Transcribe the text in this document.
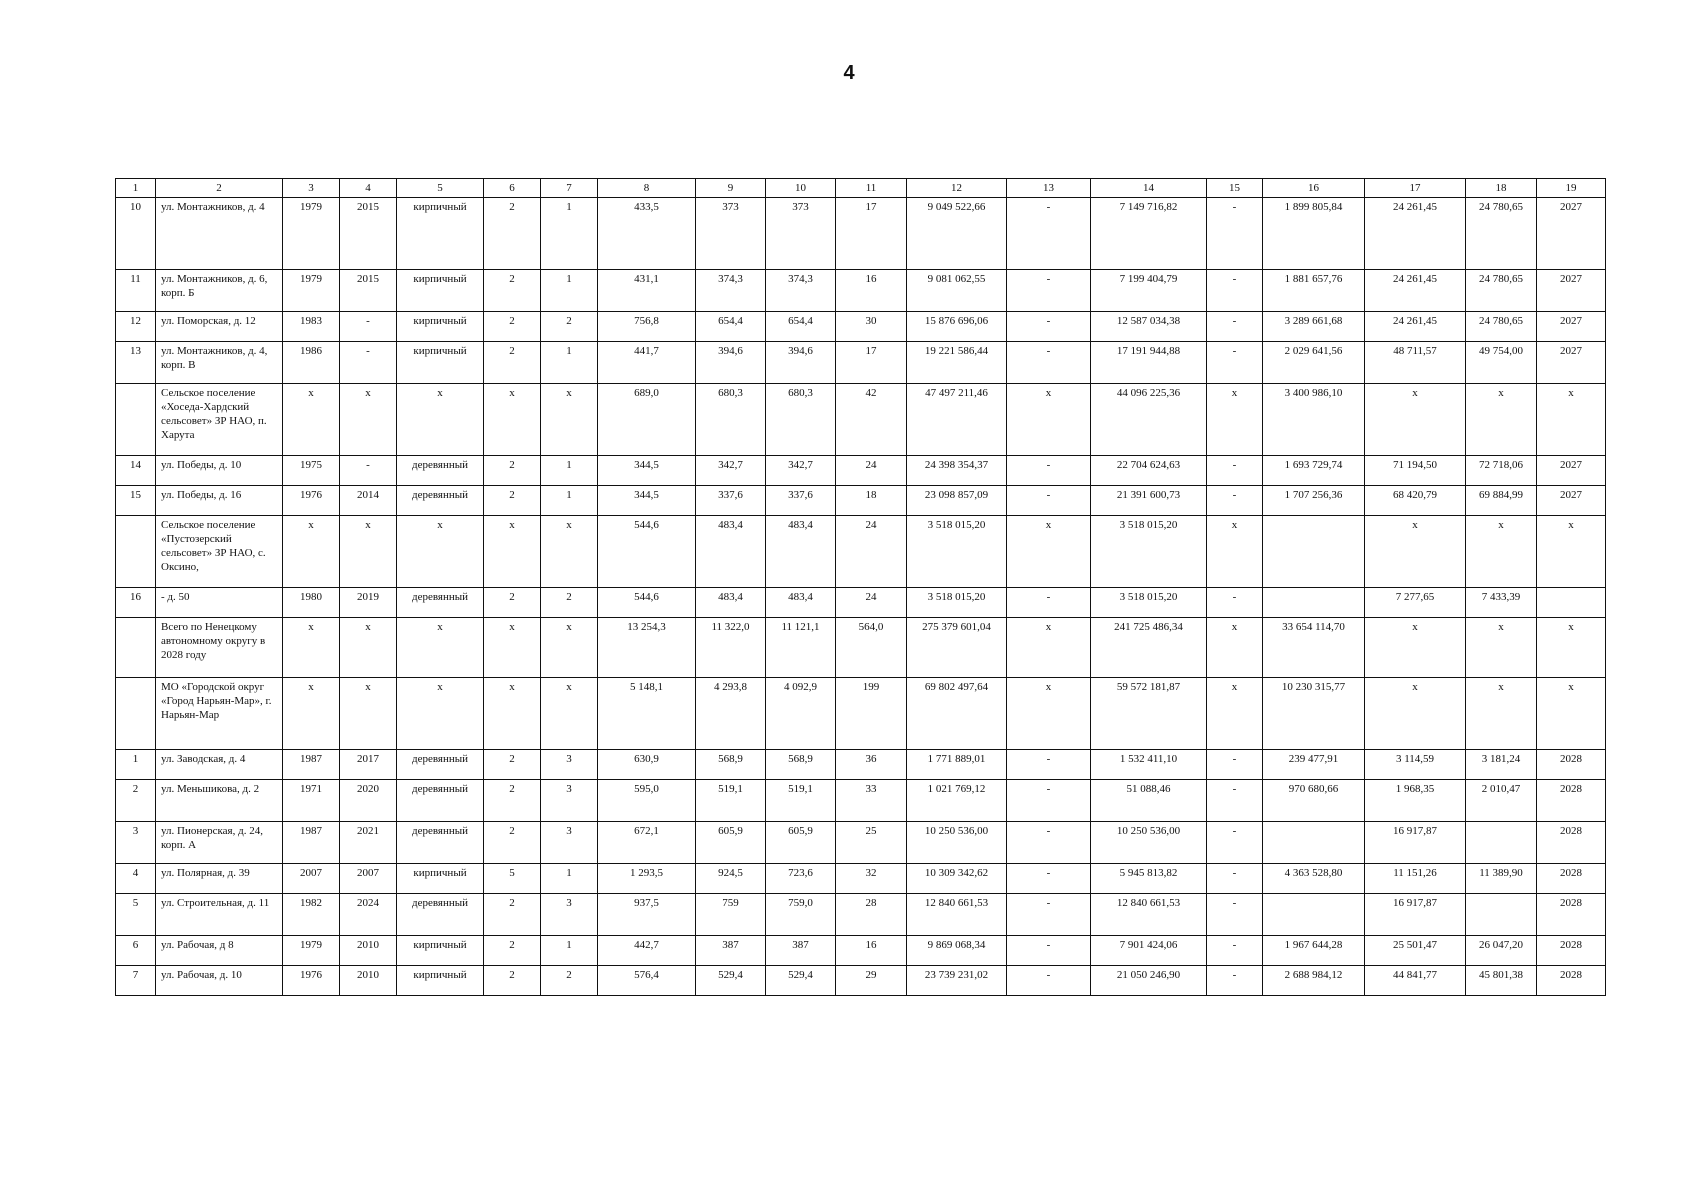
4
1	2	3	4	5	6	7	8	9	10	11	12	13	14	15	16	17	18	19
10	ул. Монтажников, д. 4	1979	2015	кирпичный	2	1	433,5	373	373	17	9 049 522,66	-	7 149 716,82	-	1 899 805,84	24 261,45	24 780,65	2027
11	ул. Монтажников, д. 6, корп. Б	1979	2015	кирпичный	2	1	431,1	374,3	374,3	16	9 081 062,55	-	7 199 404,79	-	1 881 657,76	24 261,45	24 780,65	2027
12	ул. Поморская, д. 12	1983	-	кирпичный	2	2	756,8	654,4	654,4	30	15 876 696,06	-	12 587 034,38	-	3 289 661,68	24 261,45	24 780,65	2027
13	ул. Монтажников, д. 4, корп. В	1986	-	кирпичный	2	1	441,7	394,6	394,6	17	19 221 586,44	-	17 191 944,88	-	2 029 641,56	48 711,57	49 754,00	2027
	Сельское поселение «Хоседа-Хардский сельсовет» ЗР НАО, п. Харута	х	х	х	х	х	689,0	680,3	680,3	42	47 497 211,46	х	44 096 225,36	х	3 400 986,10	х	х	х
14	ул. Победы, д. 10	1975	-	деревянный	2	1	344,5	342,7	342,7	24	24 398 354,37	-	22 704 624,63	-	1 693 729,74	71 194,50	72 718,06	2027
15	ул. Победы, д. 16	1976	2014	деревянный	2	1	344,5	337,6	337,6	18	23 098 857,09	-	21 391 600,73	-	1 707 256,36	68 420,79	69 884,99	2027
	Сельское поселение «Пустозерский сельсовет» ЗР НАО, с. Оксино,	х	х	х	х	х	544,6	483,4	483,4	24	3 518 015,20	х	3 518 015,20	х		х	х	х
16	- д. 50	1980	2019	деревянный	2	2	544,6	483,4	483,4	24	3 518 015,20	-	3 518 015,20	-		7 277,65	7 433,39	
	Всего по Ненецкому автономному округу в 2028 году	х	х	х	х	х	13 254,3	11 322,0	11 121,1	564,0	275 379 601,04	х	241 725 486,34	х	33 654 114,70	х	х	х
	МО «Городской округ «Город Нарьян-Мар», г. Нарьян-Мар	х	х	х	х	х	5 148,1	4 293,8	4 092,9	199	69 802 497,64	х	59 572 181,87	х	10 230 315,77	х	х	х
1	ул. Заводская, д. 4	1987	2017	деревянный	2	3	630,9	568,9	568,9	36	1 771 889,01	-	1 532 411,10	-	239 477,91	3 114,59	3 181,24	2028
2	ул. Меньшикова, д. 2	1971	2020	деревянный	2	3	595,0	519,1	519,1	33	1 021 769,12	-	51 088,46	-	970 680,66	1 968,35	2 010,47	2028
3	ул. Пионерская, д. 24, корп. А	1987	2021	деревянный	2	3	672,1	605,9	605,9	25	10 250 536,00	-	10 250 536,00	-		16 917,87		2028
4	ул. Полярная, д. 39	2007	2007	кирпичный	5	1	1 293,5	924,5	723,6	32	10 309 342,62	-	5 945 813,82	-	4 363 528,80	11 151,26	11 389,90	2028
5	ул. Строительная, д. 11	1982	2024	деревянный	2	3	937,5	759	759,0	28	12 840 661,53	-	12 840 661,53	-		16 917,87		2028
6	ул. Рабочая, д 8	1979	2010	кирпичный	2	1	442,7	387	387	16	9 869 068,34	-	7 901 424,06	-	1 967 644,28	25 501,47	26 047,20	2028
7	ул. Рабочая, д. 10	1976	2010	кирпичный	2	2	576,4	529,4	529,4	29	23 739 231,02	-	21 050 246,90	-	2 688 984,12	44 841,77	45 801,38	2028
